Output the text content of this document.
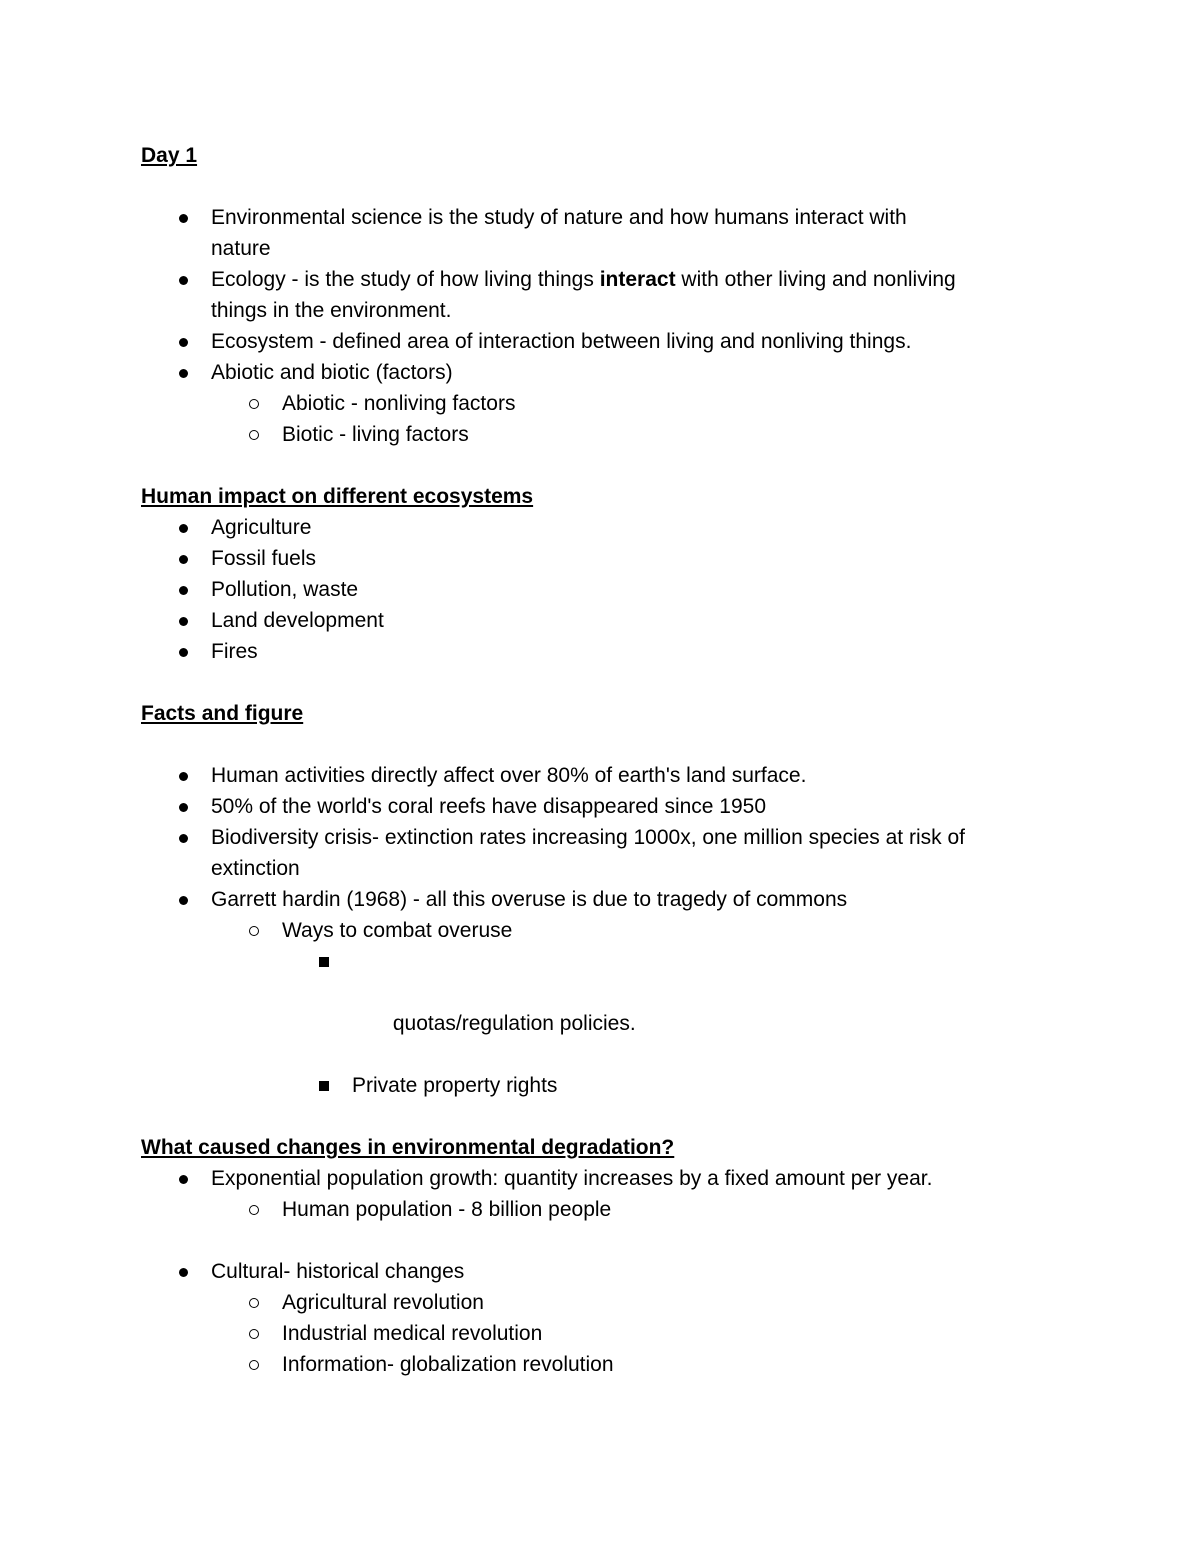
Day 1
Environmental science is the study of nature and how humans interact with
nature
Ecology - is the study of how living things interact with other living and nonliving
things in the environment.
Ecosystem - defined area of interaction between living and nonliving things.
Abiotic and biotic (factors)
Abiotic - nonliving factors
Biotic - living factors
Human impact on different ecosystems
Agriculture
Fossil fuels
Pollution, waste
Land development
Fires
Facts and figure
Human activities directly affect over 80% of earth's land surface.
50% of the world's coral reefs have disappeared since 1950
Biodiversity crisis- extinction rates increasing 1000x, one million species at risk of
extinction
Garrett hardin (1968) - all this overuse is due to tragedy of commons
Ways to combat overuse

quotas/regulation policies.

Private property rights
What caused changes in environmental degradation?
Exponential population growth: quantity increases by a fixed amount per year.
Human population - 8 billion people
Cultural- historical changes
Agricultural revolution
Industrial medical revolution
Information- globalization revolution
